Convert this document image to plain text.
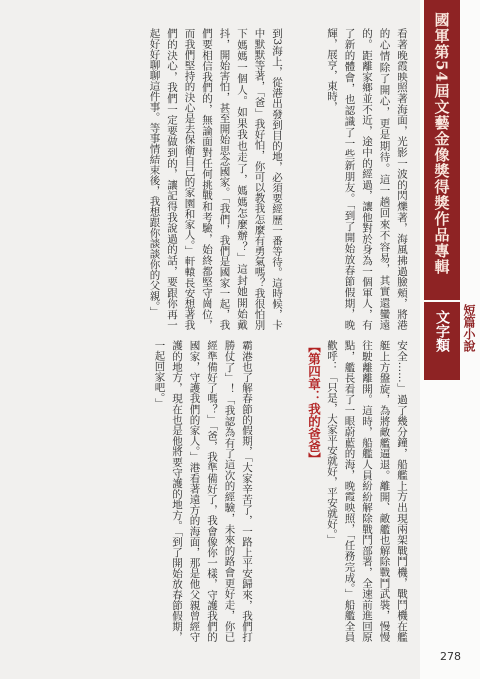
國軍第54屆文藝金像獎得獎作品專輯
文字類	短篇小說
278

看著晚霞映照著海面，光影一波的閃爍著，海風拂過臉頰，將港的心情除了開心，更是期待。這一趟回來不容易，其實還蠻遠的。距離家鄉並不近，途中的經過，讓他對於身為一個軍人，有了新的體會，也認識了一些新朋友。「到了開始放春節假期，晚輝，展亨，東時，

到3海上，從港出發到目的地，必須要經歷一番等待。這時候，卡中默默等著，「爸」我好怕，你可以教我怎麼有勇氣嗎？我很怕別下媽媽一個人。如果我也走了，媽媽怎麼辦？」這封她開始戴抖，開始害怕，甚至開始思念國家。「我們，我們是國家一起，我們要相信我們的，無論面對任何挑戰和考驗，始終都堅守崗位，而我們堅持的決心是去保衛自己的家園和家人。」軒轅長安想著我們的決心，我們一定要做到的，讓記得我說過的話，要跟你再一起好好聊聊這件事。等事情結束後，我想跟你談談你的父親。」

安全……」過了幾分鐘，船艦上方出現兩架戰鬥機，戰鬥機在艦艇上方盤旋，為將敵艦逼退。離開、敵艦也解除戰鬥武裝，慢慢往駛離離開。這時，船艦人員紛紛解除戰鬥部署，全速前進回原點，艦長看了一眼蔚藍的海，晚霞映照，「任務完成。」船艦全員歡呼：「只是，大家平安就好，平安就好。」

【第四章：我的爸爸】

霸港也了解春節的假期，「大家辛苦了，一路上平安歸來，我們打勝仗了」！「我認為有了這次的經驗，未來的路會更好走，你已經準備好了嗎？」「爸，我準備好了，我會像你一樣，守護我們的國家，守護我們的家人。」港看著遠方的海面，那是他父親曾經守護的地方，現在也是他將要守護的地方。「到了開始放春節假期，一起回家吧。」
